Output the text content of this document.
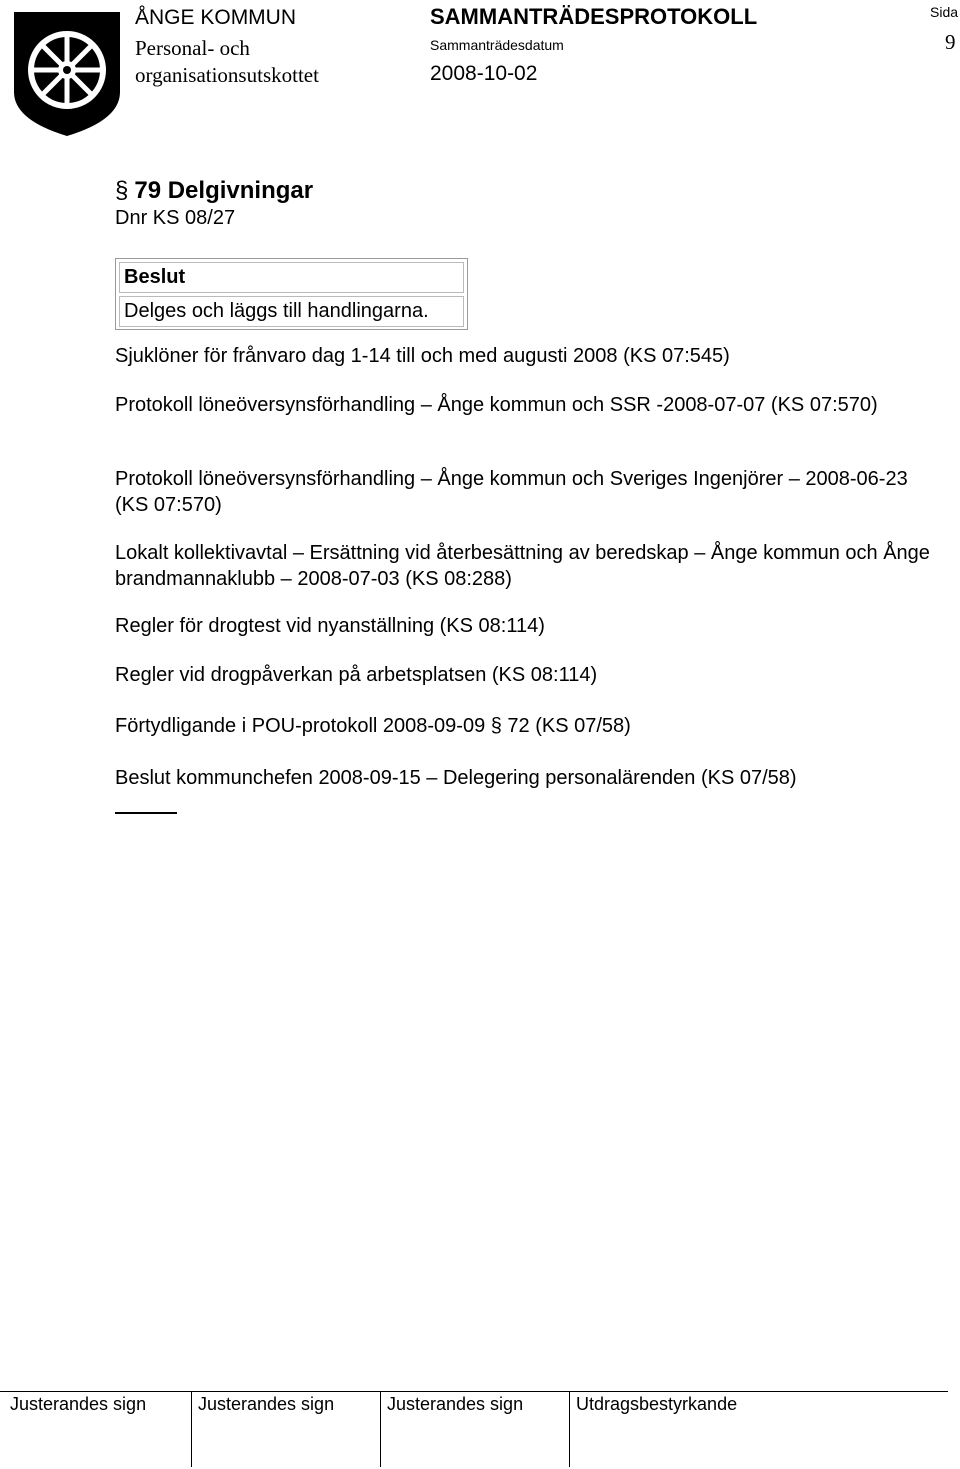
ÅNGE KOMMUN
Personal- och
organisationsutskottet
SAMMANTRÄDESPROTOKOLL
Sammanträdesdatum
2008-10-02
Sida
9
§ 79 Delgivningar
Dnr KS 08/27
Beslut
Delges och läggs till handlingarna.
Sjuklöner för frånvaro dag 1-14 till och med augusti 2008 (KS 07:545)
Protokoll löneöversynsförhandling – Ånge kommun och SSR -2008-07-07 (KS 07:570)
Protokoll löneöversynsförhandling – Ånge kommun och Sveriges Ingenjörer – 2008-06-23 (KS 07:570)
Lokalt kollektivavtal – Ersättning vid återbesättning av beredskap – Ånge kommun och Ånge brandmannaklubb – 2008-07-03 (KS 08:288)
Regler för drogtest vid nyanställning (KS 08:114)
Regler vid drogpåverkan på arbetsplatsen (KS 08:114)
Förtydligande i POU-protokoll 2008-09-09 § 72 (KS 07/58)
Beslut kommunchefen 2008-09-15 – Delegering personalärenden (KS 07/58)
Justerandes sign	Justerandes sign	Justerandes sign	Utdragsbestyrkande
